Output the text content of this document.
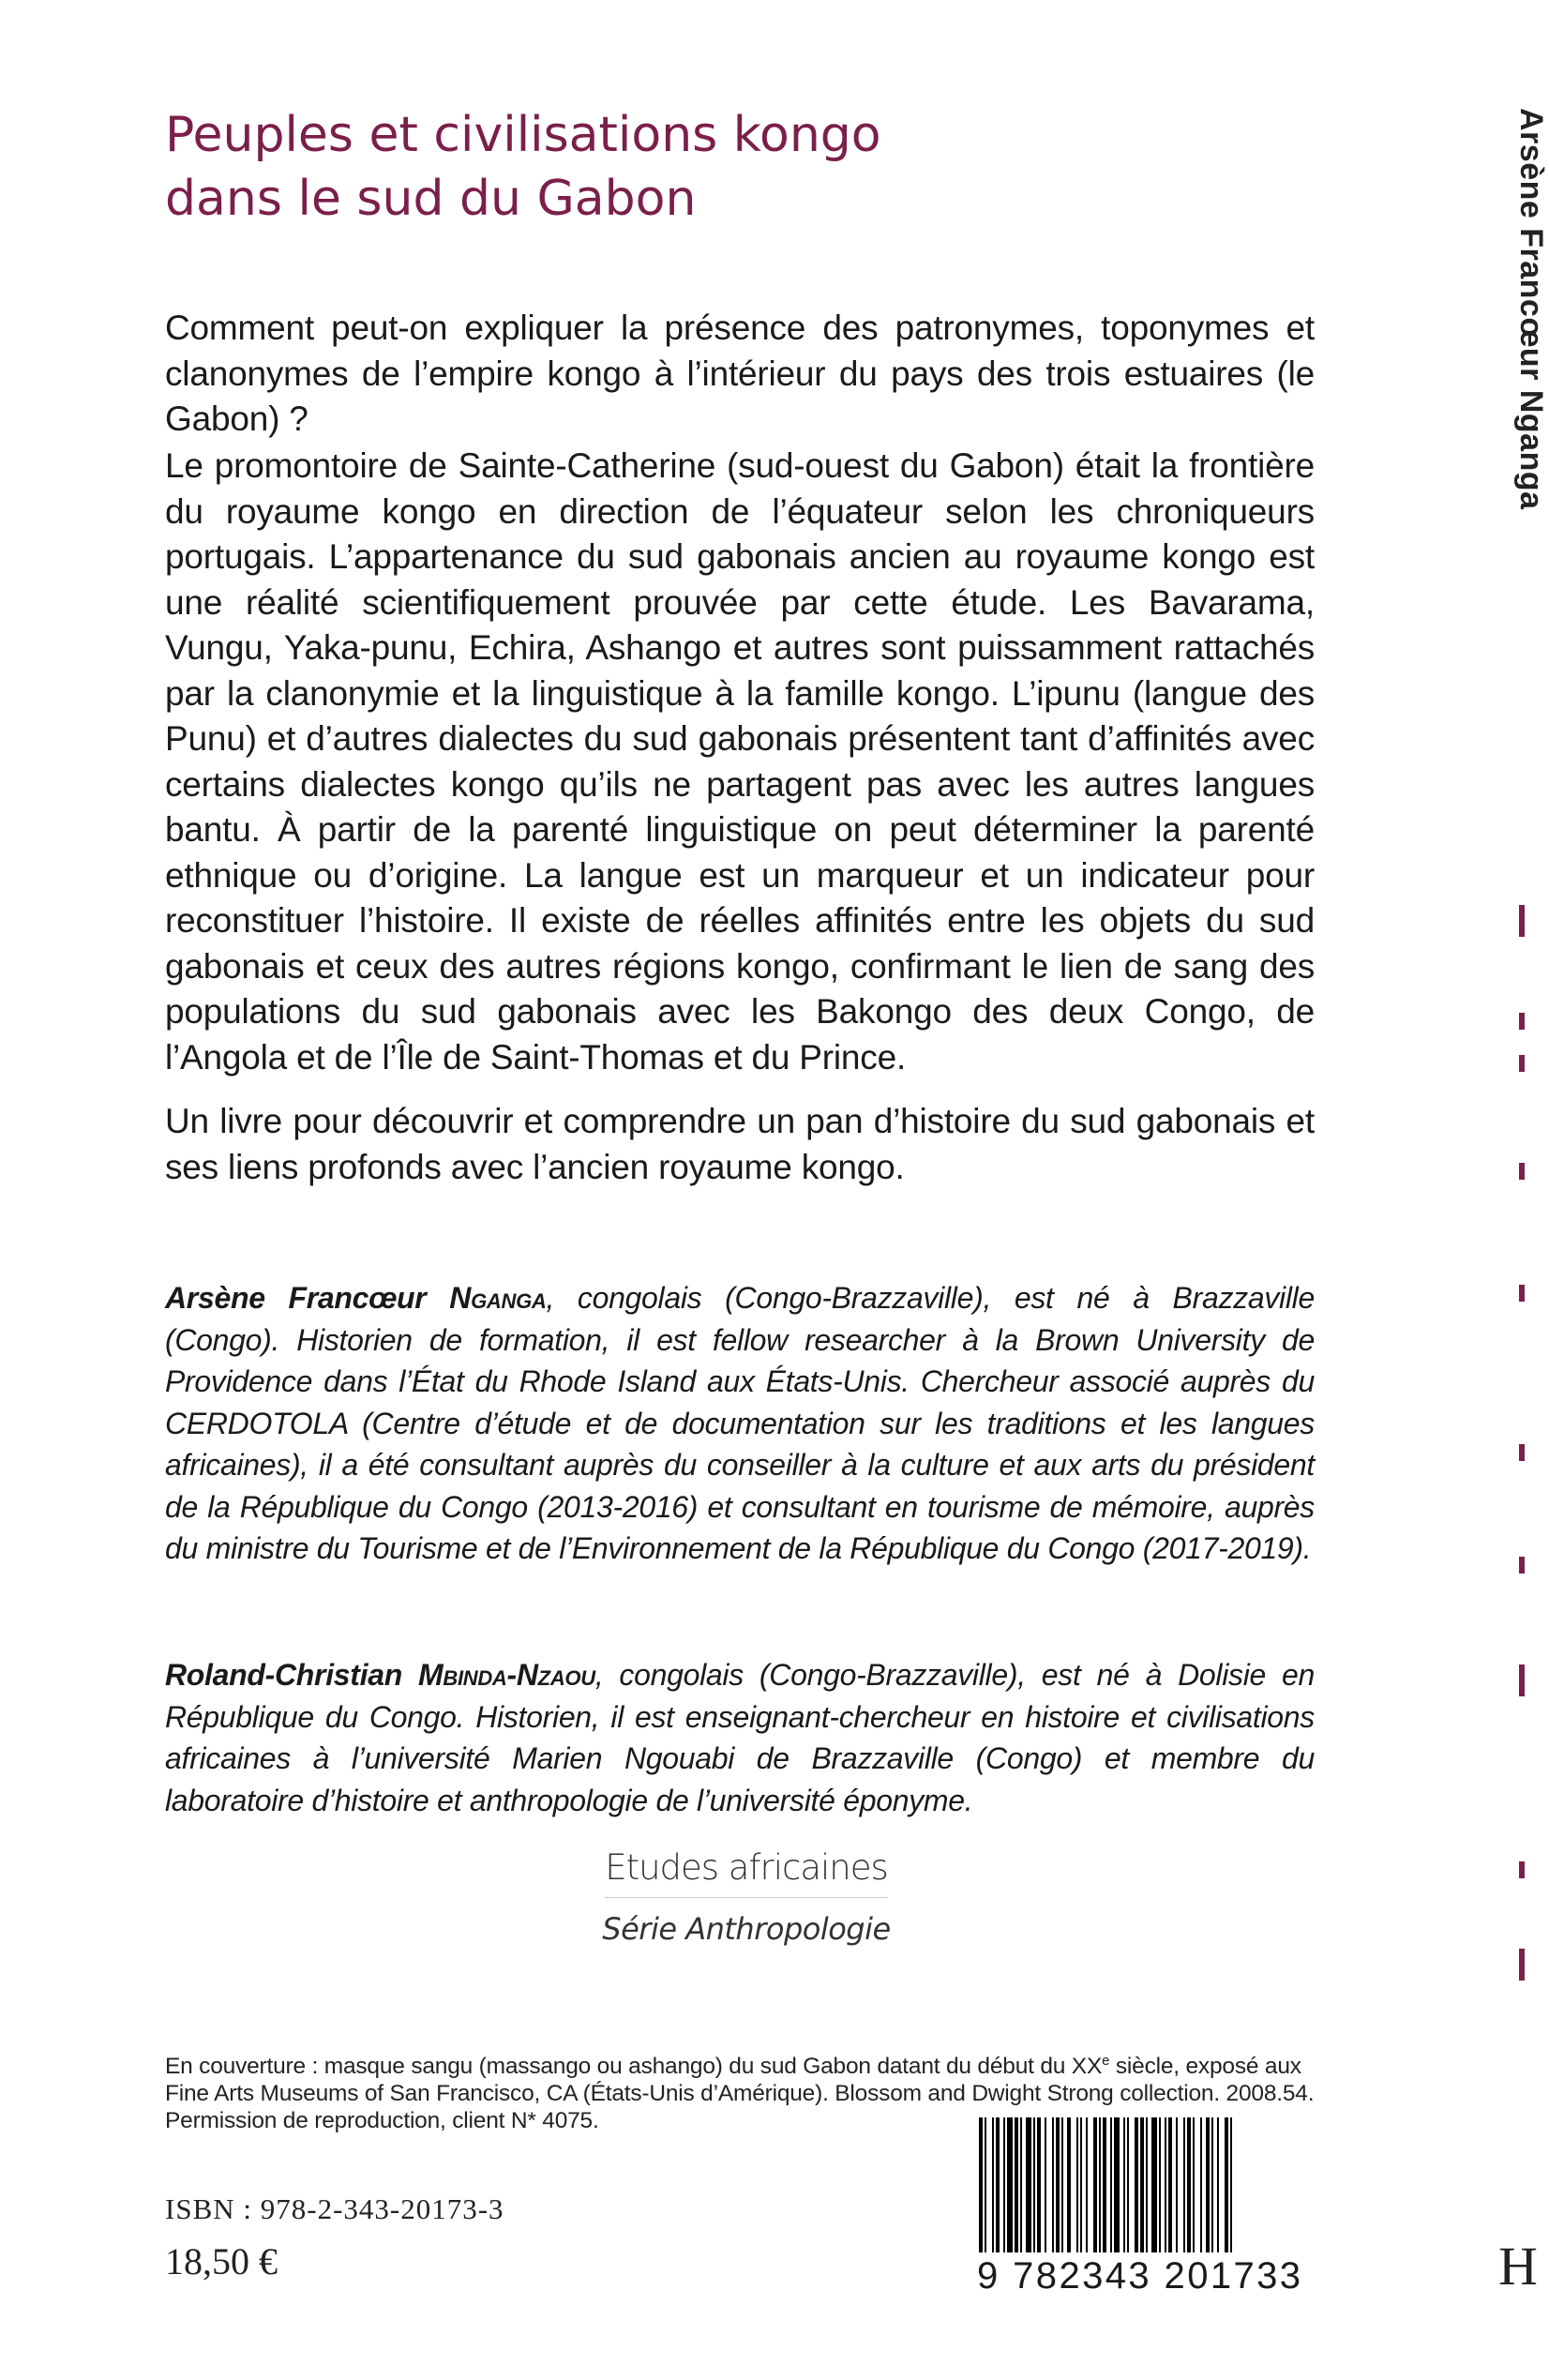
Peuples et civilisations kongo
dans le sud du Gabon
Comment peut-on expliquer la présence des patronymes, toponymes et clanonymes de l’empire kongo à l’intérieur du pays des trois estuaires (le Gabon) ?
Le promontoire de Sainte-Catherine (sud-ouest du Gabon) était la frontière du royaume kongo en direction de l’équateur selon les chroniqueurs portugais. L’appartenance du sud gabonais ancien au royaume kongo est une réalité scientifiquement prouvée par cette étude. Les Bavarama, Vungu, Yaka-punu, Echira, Ashango et autres sont puissamment rattachés par la clanonymie et la linguistique à la famille kongo. L’ipunu (langue des Punu) et d’autres dialectes du sud gabonais présentent tant d’affinités avec certains dialectes kongo qu’ils ne partagent pas avec les autres langues bantu. À partir de la parenté linguistique on peut déterminer la parenté ethnique ou d’origine. La langue est un marqueur et un indicateur pour reconstituer l’histoire. Il existe de réelles affinités entre les objets du sud gabonais et ceux des autres régions kongo, confirmant le lien de sang des populations du sud gabonais avec les Bakongo des deux Congo, de l’Angola et de l’Île de Saint-Thomas et du Prince.
Un livre pour découvrir et comprendre un pan d’histoire du sud gabonais et ses liens profonds avec l’ancien royaume kongo.
Arsène Francœur Nganga, congolais (Congo-Brazzaville), est né à Brazzaville (Congo). Historien de formation, il est fellow researcher à la Brown University de Providence dans l’État du Rhode Island aux États-Unis. Chercheur associé auprès du CERDOTOLA (Centre d’étude et de documentation sur les traditions et les langues africaines), il a été consultant auprès du conseiller à la culture et aux arts du président de la République du Congo (2013-2016) et consultant en tourisme de mémoire, auprès du ministre du Tourisme et de l’Environnement de la République du Congo (2017-2019).
Roland-Christian Mbinda-Nzaou, congolais (Congo-Brazzaville), est né à Dolisie en République du Congo. Historien, il est enseignant-chercheur en histoire et civilisations africaines à l’université Marien Ngouabi de Brazzaville (Congo) et membre du laboratoire d’histoire et anthropologie de l’université éponyme.
Etudes africaines
Série Anthropologie
En couverture : masque sangu (massango ou ashango) du sud Gabon datant du début du XXe siècle, exposé aux
Fine Arts Museums of San Francisco, CA (États-Unis d’Amérique). Blossom and Dwight Strong collection. 2008.54.
Permission de reproduction, client N* 4075.
ISBN : 978-2-343-20173-3
18,50 €	9 782343 201733	H
Arsène Francœur Nganga
